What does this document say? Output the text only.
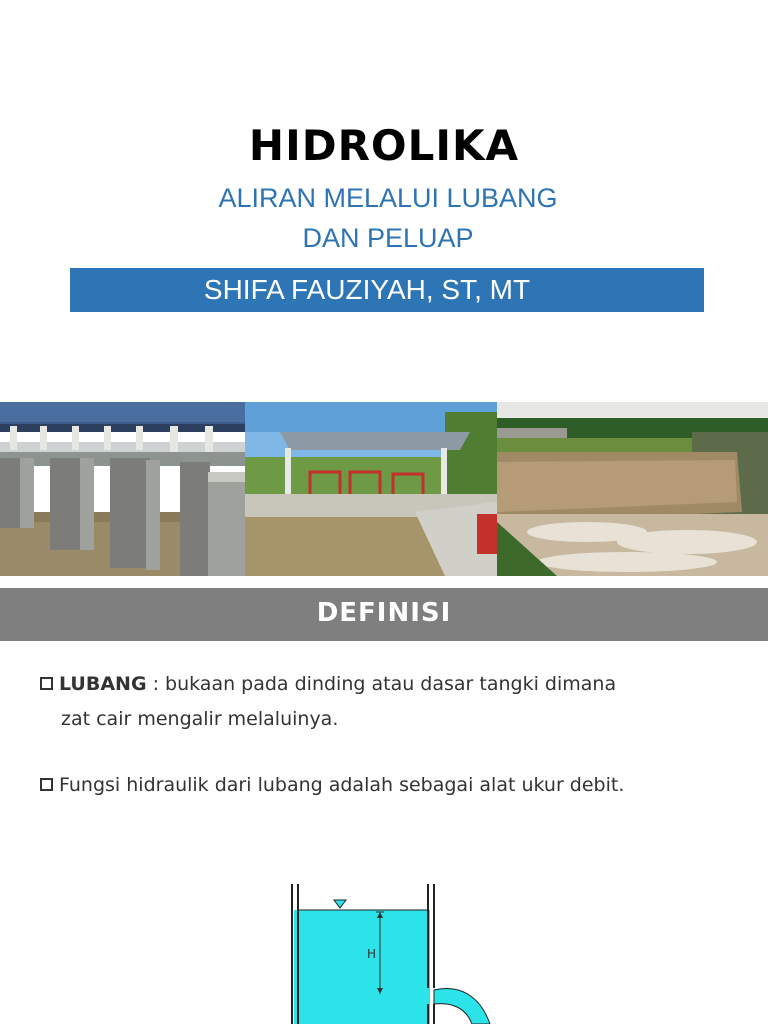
HIDROLIKA
ALIRAN MELALUI LUBANG
DAN PELUAP
SHIFA FAUZIYAH, ST, MT
DEFINISI
LUBANG : bukaan pada dinding atau dasar tangki dimana
zat cair mengalir melaluinya.
Fungsi hidraulik dari lubang adalah sebagai alat ukur debit.
H
